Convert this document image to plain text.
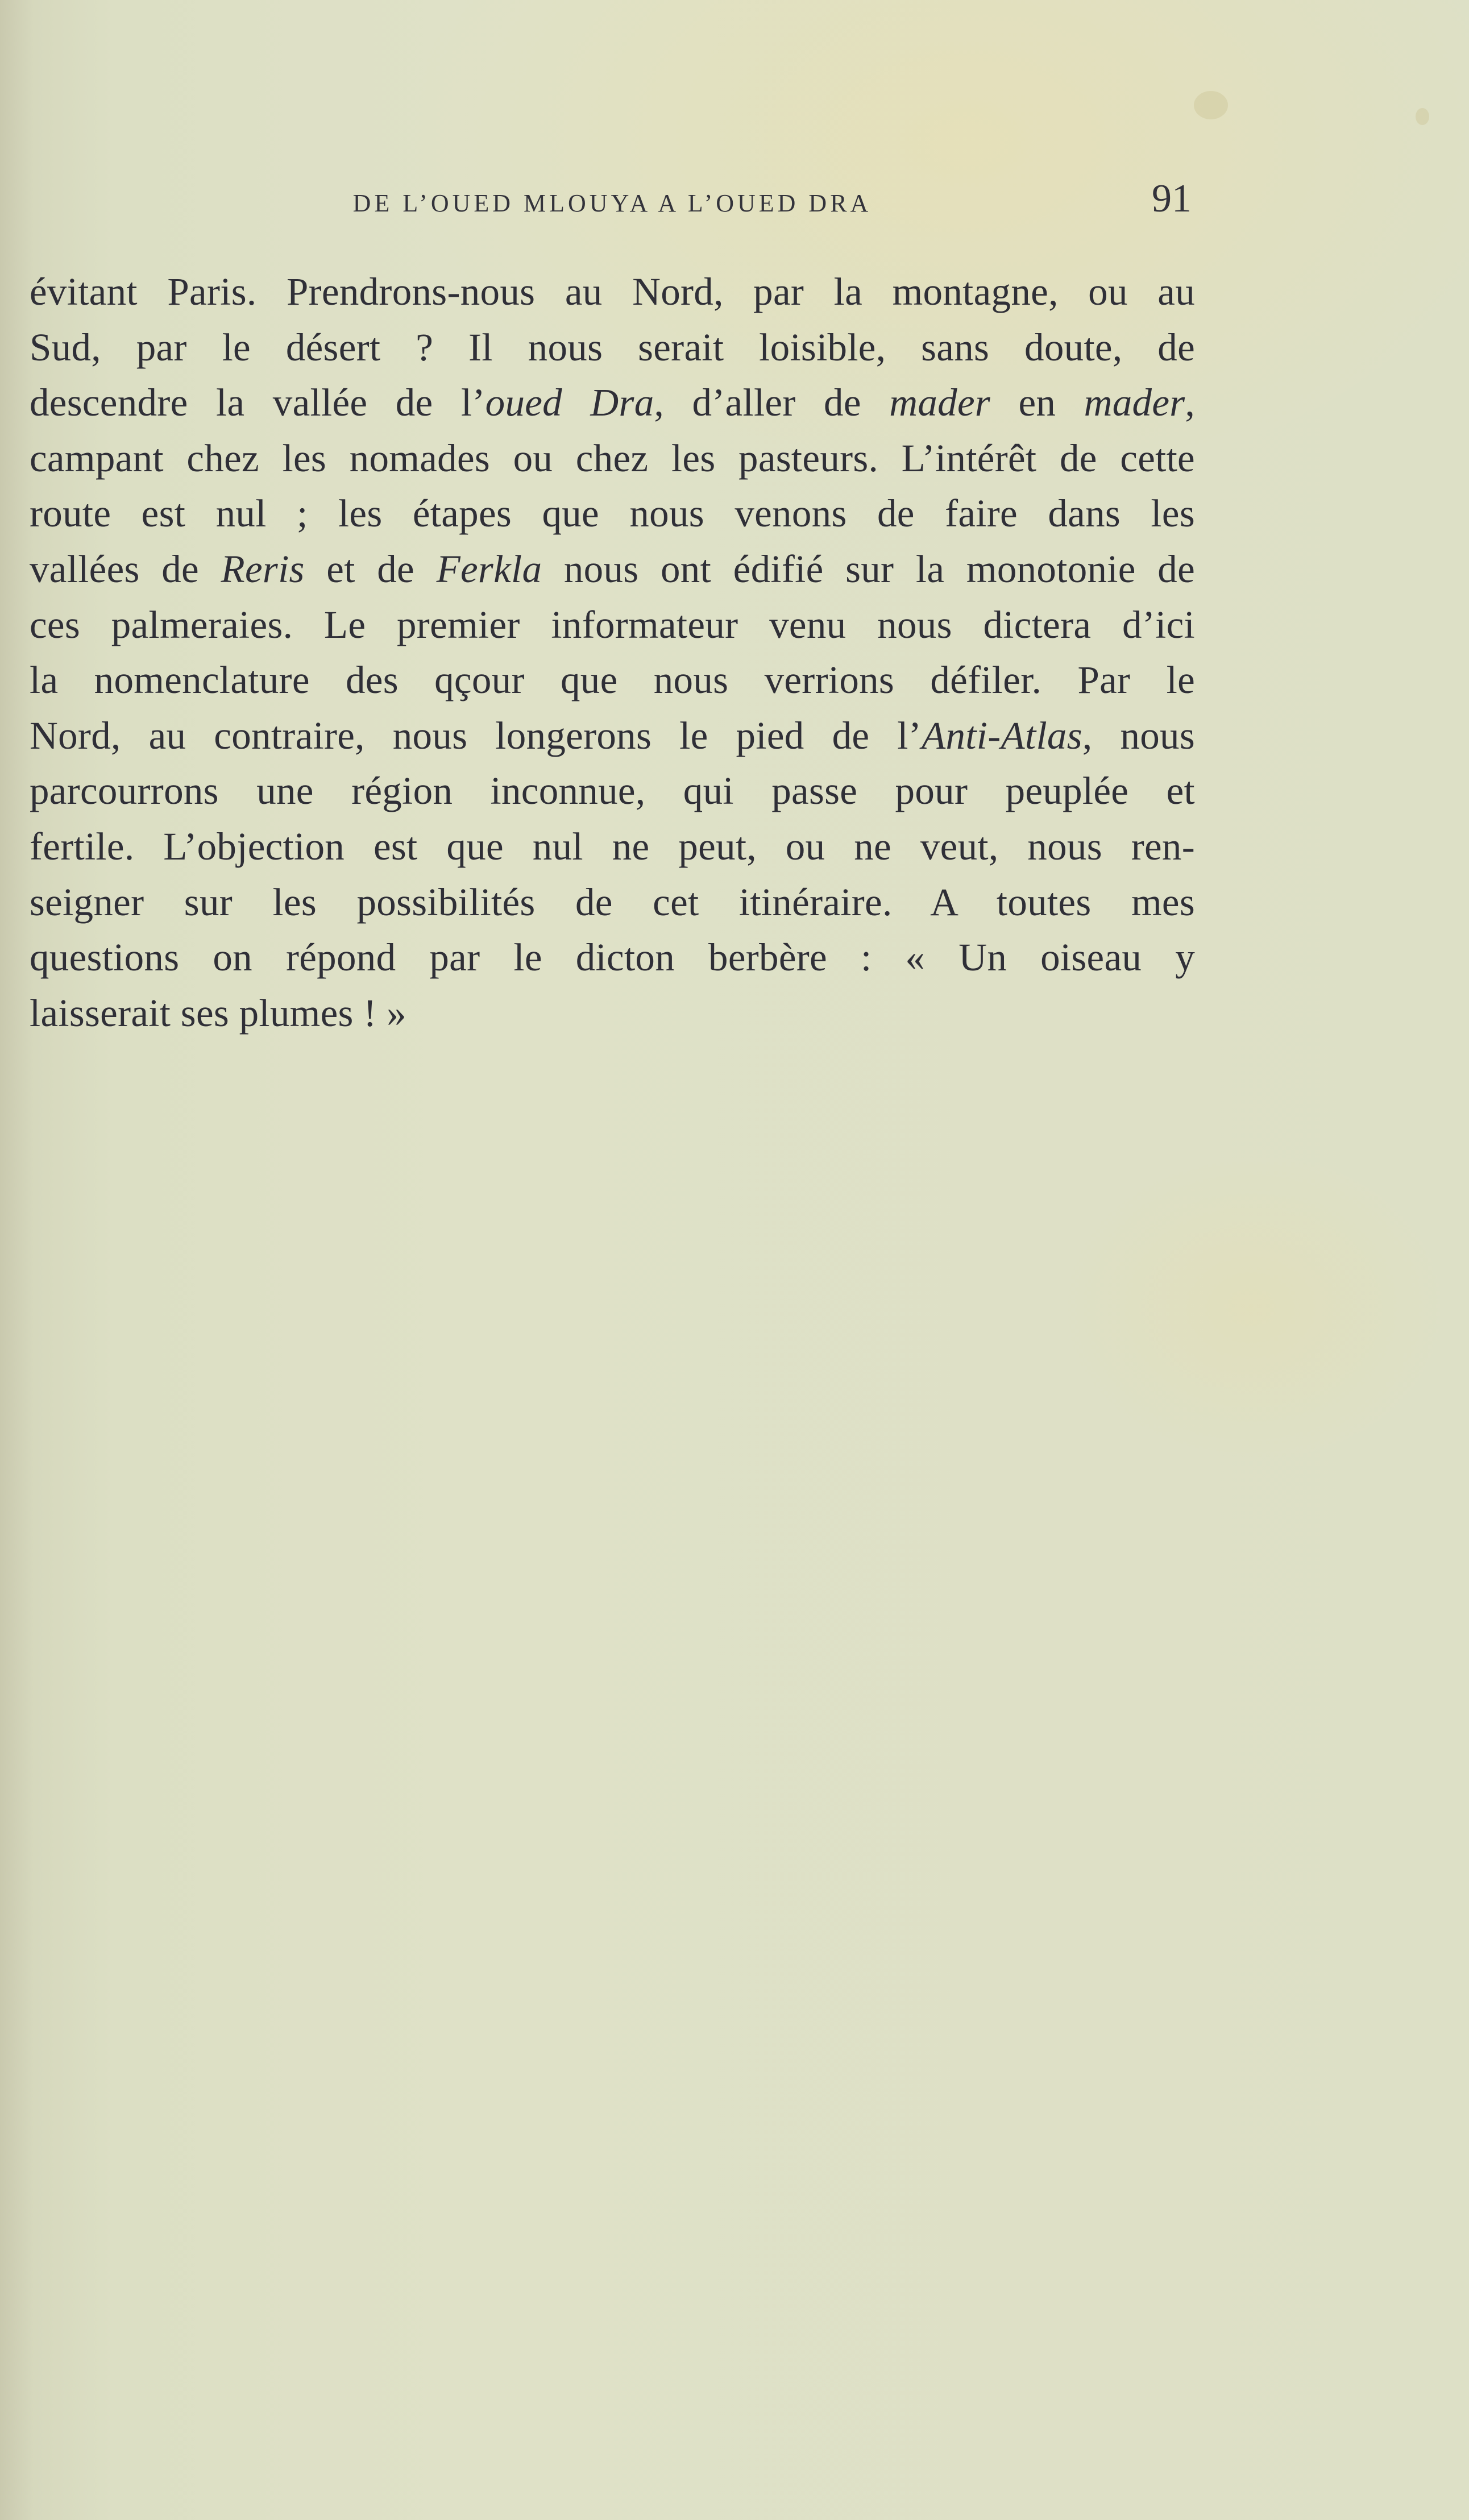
DE L’OUED MLOUYA A L’OUED DRA	91
évitant Paris. Prendrons-nous au Nord, par la montagne, ou au
Sud, par le désert ? Il nous serait loisible, sans doute, de
descendre la vallée de l’oued Dra, d’aller de mader en mader,
campant chez les nomades ou chez les pasteurs. L’intérêt de cette
route est nul ; les étapes que nous venons de faire dans les
vallées de Reris et de Ferkla nous ont édifié sur la monotonie de
ces palmeraies. Le premier informateur venu nous dictera d’ici
la nomenclature des qçour que nous verrions défiler. Par le
Nord, au contraire, nous longerons le pied de l’Anti-Atlas, nous
parcourrons une région inconnue, qui passe pour peuplée et
fertile. L’objection est que nul ne peut, ou ne veut, nous ren-
seigner sur les possibilités de cet itinéraire. A toutes mes
questions on répond par le dicton berbère : « Un oiseau y
laisserait ses plumes ! »
